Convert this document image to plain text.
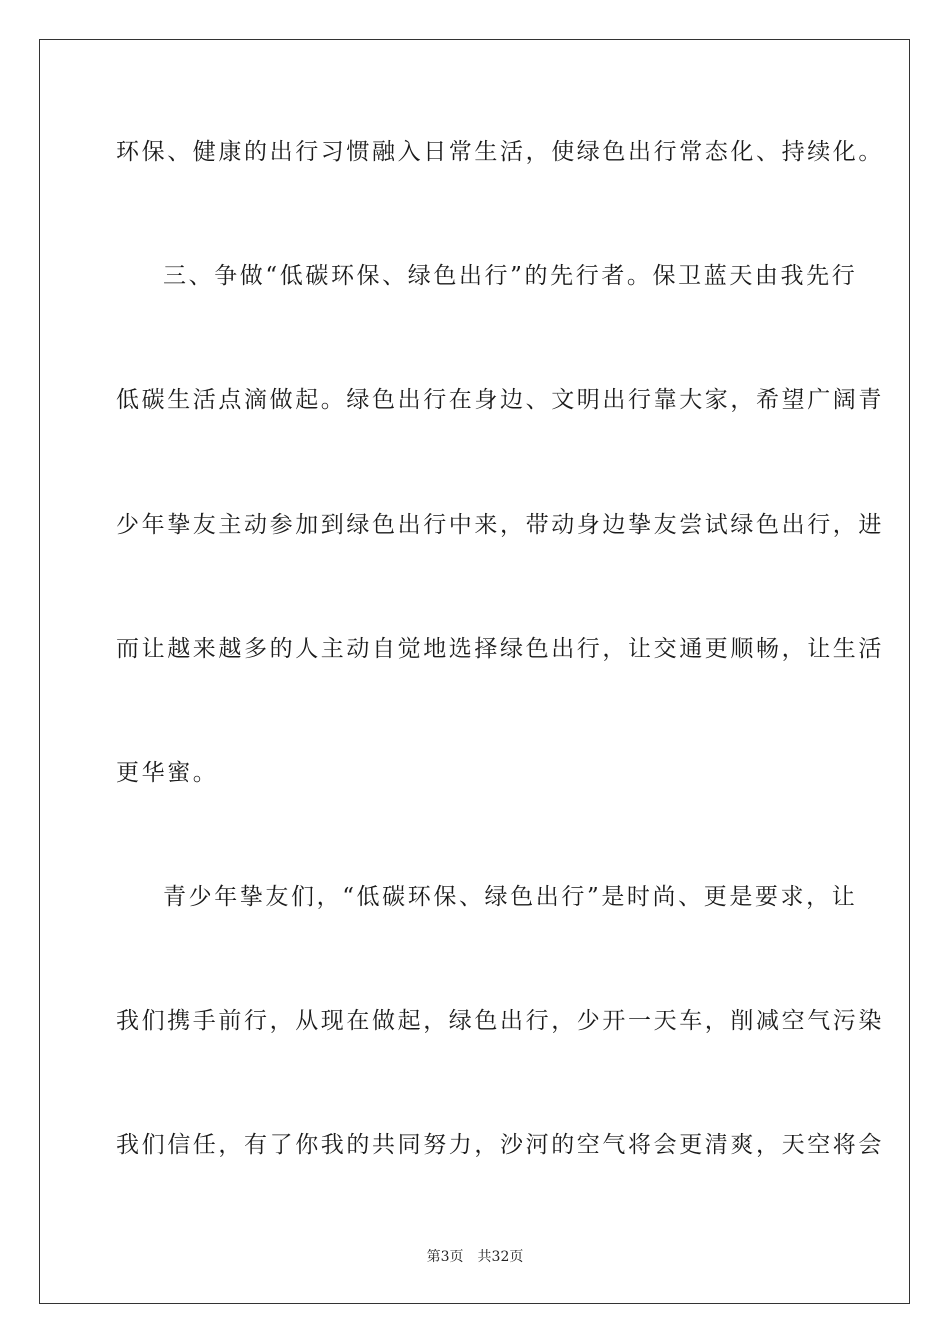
环保、健康的出行习惯融入日常生活，使绿色出行常态化、持续化。
三、争做“低碳环保、绿色出行”的先行者。保卫蓝天由我先行
低碳生活点滴做起。绿色出行在身边、文明出行靠大家，希望广阔青
少年挚友主动参加到绿色出行中来，带动身边挚友尝试绿色出行，进
而让越来越多的人主动自觉地选择绿色出行，让交通更顺畅，让生活
更华蜜。
青少年挚友们，“低碳环保、绿色出行”是时尚、更是要求，让
我们携手前行，从现在做起，绿色出行，少开一天车，削减空气污染
我们信任，有了你我的共同努力，沙河的空气将会更清爽，天空将会
第3页 共32页
